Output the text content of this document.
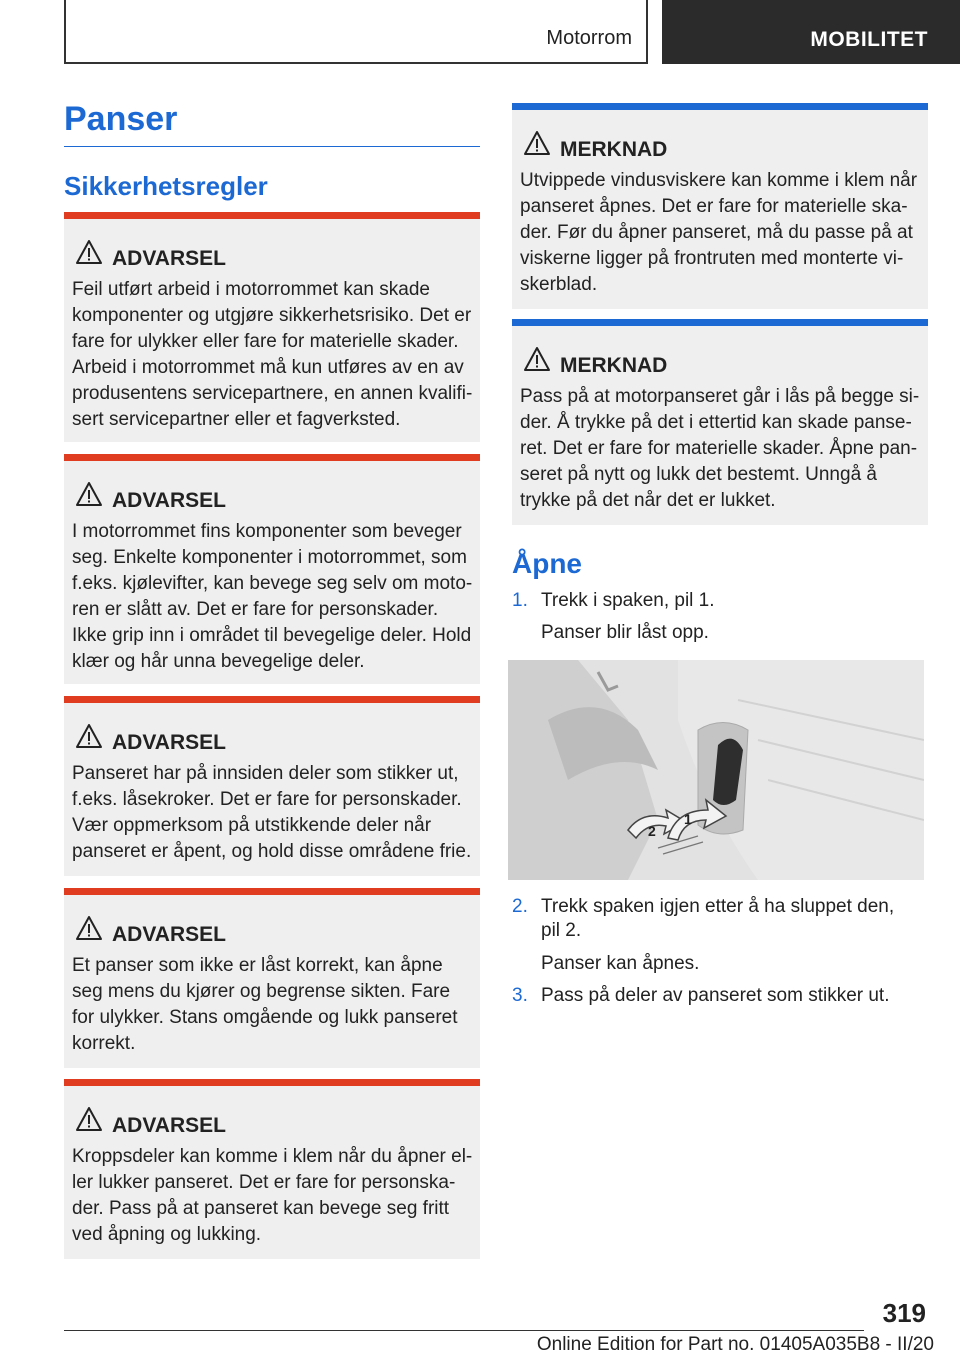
Motorrom	MOBILITET
Panser
Sikkerhetsregler
ADVARSEL
Feil utført arbeid i motorrommet kan skade
komponenter og utgjøre sikkerhetsrisiko. Det er
fare for ulykker eller fare for materielle skader.
Arbeid i motorrommet må kun utføres av en av
produsentens servicepartnere, en annen kvalifi-
sert servicepartner eller et fagverksted.
ADVARSEL
I motorrommet fins komponenter som beveger
seg. Enkelte komponenter i motorrommet, som
f.eks. kjølevifter, kan bevege seg selv om moto-
ren er slått av. Det er fare for personskader.
Ikke grip inn i området til bevegelige deler. Hold
klær og hår unna bevegelige deler.
ADVARSEL
Panseret har på innsiden deler som stikker ut,
f.eks. låsekroker. Det er fare for personskader.
Vær oppmerksom på utstikkende deler når
panseret er åpent, og hold disse områdene frie.
ADVARSEL
Et panser som ikke er låst korrekt, kan åpne
seg mens du kjører og begrense sikten. Fare
for ulykker. Stans omgående og lukk panseret
korrekt.
ADVARSEL
Kroppsdeler kan komme i klem når du åpner el-
ler lukker panseret. Det er fare for personska-
der. Pass på at panseret kan bevege seg fritt
ved åpning og lukking.
MERKNAD
Utvippede vindusviskere kan komme i klem når
panseret åpnes. Det er fare for materielle ska-
der. Før du åpner panseret, må du passe på at
viskerne ligger på frontruten med monterte vi-
skerblad.
MERKNAD
Pass på at motorpanseret går i lås på begge si-
der. Å trykke på det i ettertid kan skade panse-
ret. Det er fare for materielle skader. Åpne pan-
seret på nytt og lukk det bestemt. Unngå å
trykke på det når det er lukket.
Åpne
1. Trekk i spaken, pil 1.
Panser blir låst opp.
2
1
2. Trekk spaken igjen etter å ha sluppet den,
pil 2.
Panser kan åpnes.
3. Pass på deler av panseret som stikker ut.
319
Online Edition for Part no. 01405A035B8 - II/20
